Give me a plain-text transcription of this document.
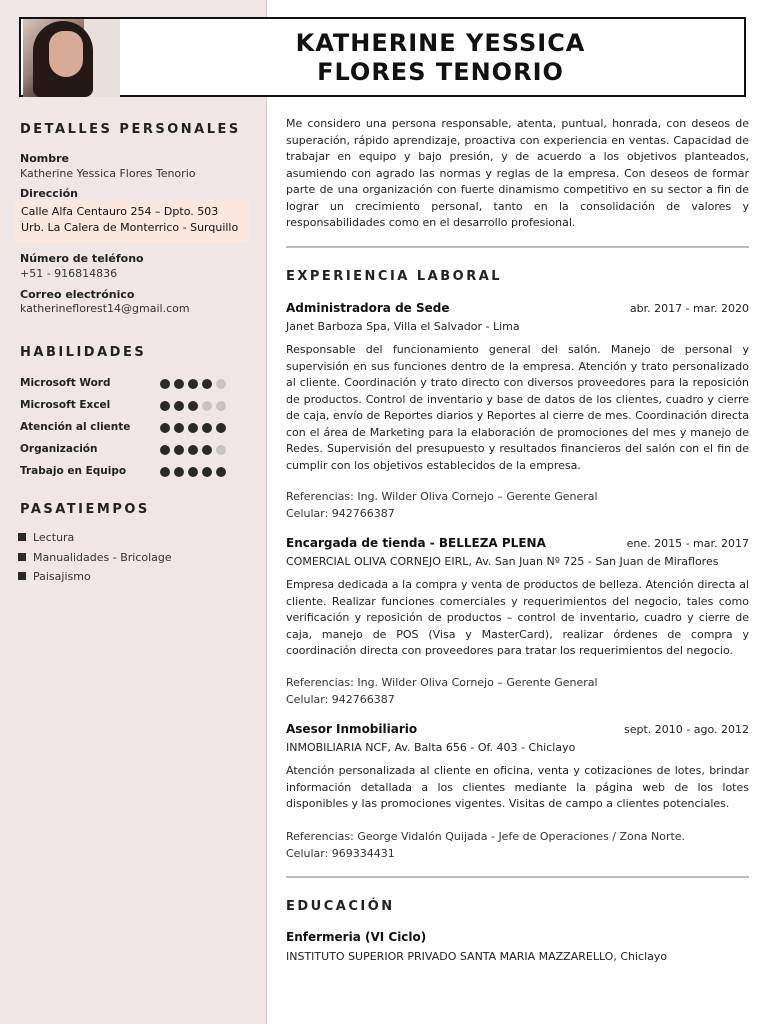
KATHERINE YESSICA
FLORES TENORIO
DETALLES PERSONALES
Nombre
Katherine Yessica Flores Tenorio
Dirección
Calle Alfa Centauro 254 – Dpto. 503
Urb. La Calera de Monterrico - Surquillo
Número de teléfono
+51 - 916814836
Correo electrónico
katherineflorest14@gmail.com
HABILIDADES
Microsoft Word
Microsoft Excel
Atención al cliente
Organización
Trabajo en Equipo
PASATIEMPOS
Lectura
Manualidades - Bricolage
Paisajismo

Me considero una persona responsable, atenta, puntual, honrada, con deseos de superación, rápido aprendizaje, proactiva con experiencia en ventas. Capacidad de trabajar en equipo y bajo presión, y de acuerdo a los objetivos planteados, asumiendo con agrado las normas y reglas de la empresa. Con deseos de formar parte de una organización con fuerte dinamismo competitivo en su sector a fin de lograr un crecimiento personal, tanto en la consolidación de valores y responsabilidades como en el desarrollo profesional.

EXPERIENCIA LABORAL
Administradora de Sede	abr. 2017 - mar. 2020
Janet Barboza Spa, Villa el Salvador - Lima

Responsable del funcionamiento general del salón. Manejo de personal y supervisión en sus funciones dentro de la empresa. Atención y trato personalizado al cliente. Coordinación y trato directo con diversos proveedores para la reposición de productos. Control de inventario y base de datos de los clientes, cuadro y cierre de caja, envío de Reportes diarios y Reportes al cierre de mes. Coordinación directa con el área de Marketing para la elaboración de promociones del mes y manejo de Redes. Supervisión del presupuesto y resultados financieros del salón con el fin de cumplir con los objetivos establecidos de la empresa.

Referencias: Ing. Wilder Oliva Cornejo – Gerente General
Celular: 942766387
Encargada de tienda - BELLEZA PLENA	ene. 2015 - mar. 2017
COMERCIAL OLIVA CORNEJO EIRL, Av. San Juan Nº 725 - San Juan de Miraflores

Empresa dedicada a la compra y venta de productos de belleza. Atención directa al cliente. Realizar funciones comerciales y requerimientos del negocio, tales como verificación y reposición de productos – control de inventario, cuadro y cierre de caja, manejo de POS (Visa y MasterCard), realizar órdenes de compra y coordinación directa con proveedores para tratar los requerimientos del negocio.

Referencias: Ing. Wilder Oliva Cornejo – Gerente General
Celular: 942766387
Asesor Inmobiliario	sept. 2010 - ago. 2012
INMOBILIARIA NCF, Av. Balta 656 - Of. 403 - Chiclayo

Atención personalizada al cliente en oficina, venta y cotizaciones de lotes, brindar información detallada a los clientes mediante la página web de los lotes disponibles y las promociones vigentes. Visitas de campo a clientes potenciales.

Referencias: George Vidalón Quijada - Jefe de Operaciones / Zona Norte.
Celular: 969334431
EDUCACIÓN
Enfermeria (VI Ciclo)
INSTITUTO SUPERIOR PRIVADO SANTA MARIA MAZZARELLO, Chiclayo
